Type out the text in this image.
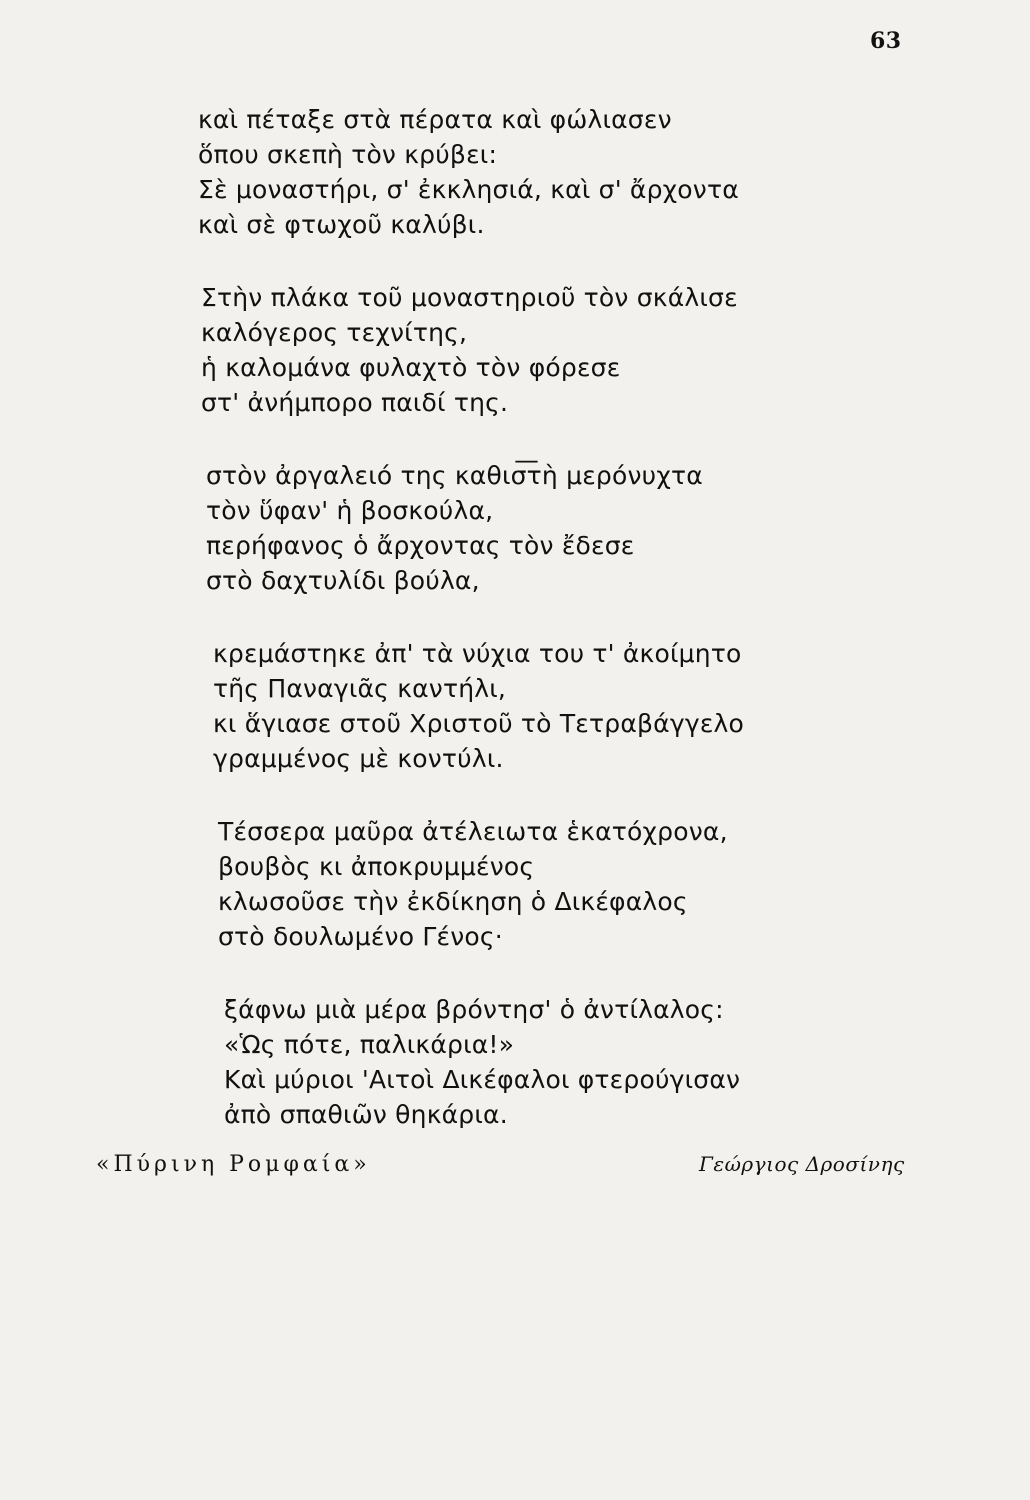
63
καὶ πέταξε στὰ πέρατα καὶ φώλιασεν
ὅπου σκεπὴ τὸν κρύβει:
Σὲ μοναστήρι, σ' ἐκκλησιά, καὶ σ' ἄρχοντα
καὶ σὲ φτωχοῦ καλύβι.
Στὴν πλάκα τοῦ μοναστηριοῦ τὸν σκάλισε
καλόγερος τεχνίτης,
ἡ καλομάνα φυλαχτὸ τὸν φόρεσε
στ' ἀνήμπορο παιδί της.
στὸν ἀργαλειό της καθισ͞τὴ μερόνυχτα
τὸν ὕφαν' ἡ βοσκούλα,
περήφανος ὁ ἄρχοντας τὸν ἔδεσε
στὸ δαχτυλίδι βούλα,
κρεμάστηκε ἀπ' τὰ νύχια του τ' ἀκοίμητο
τῆς Παναγιᾶς καντήλι,
κι ἅγιασε στοῦ Χριστοῦ τὸ Τετραβάγγελο
γραμμένος μὲ κοντύλι.
Τέσσερα μαῦρα ἀτέλειωτα ἑκατόχρονα,
βουβὸς κι ἀποκρυμμένος
κλωσοῦσε τὴν ἐκδίκηση ὁ Δικέφαλος
στὸ δουλωμένο Γένος·
ξάφνω μιὰ μέρα βρόντησ' ὁ ἀντίλαλος:
«Ὡς πότε, παλικάρια!»
Καὶ μύριοι 'Αιτοὶ Δικέφαλοι φτερούγισαν
ἀπὸ σπαθιῶν θηκάρια.
«Πύρινη Ρομφαία»	Γεώργιος Δροσίνης
